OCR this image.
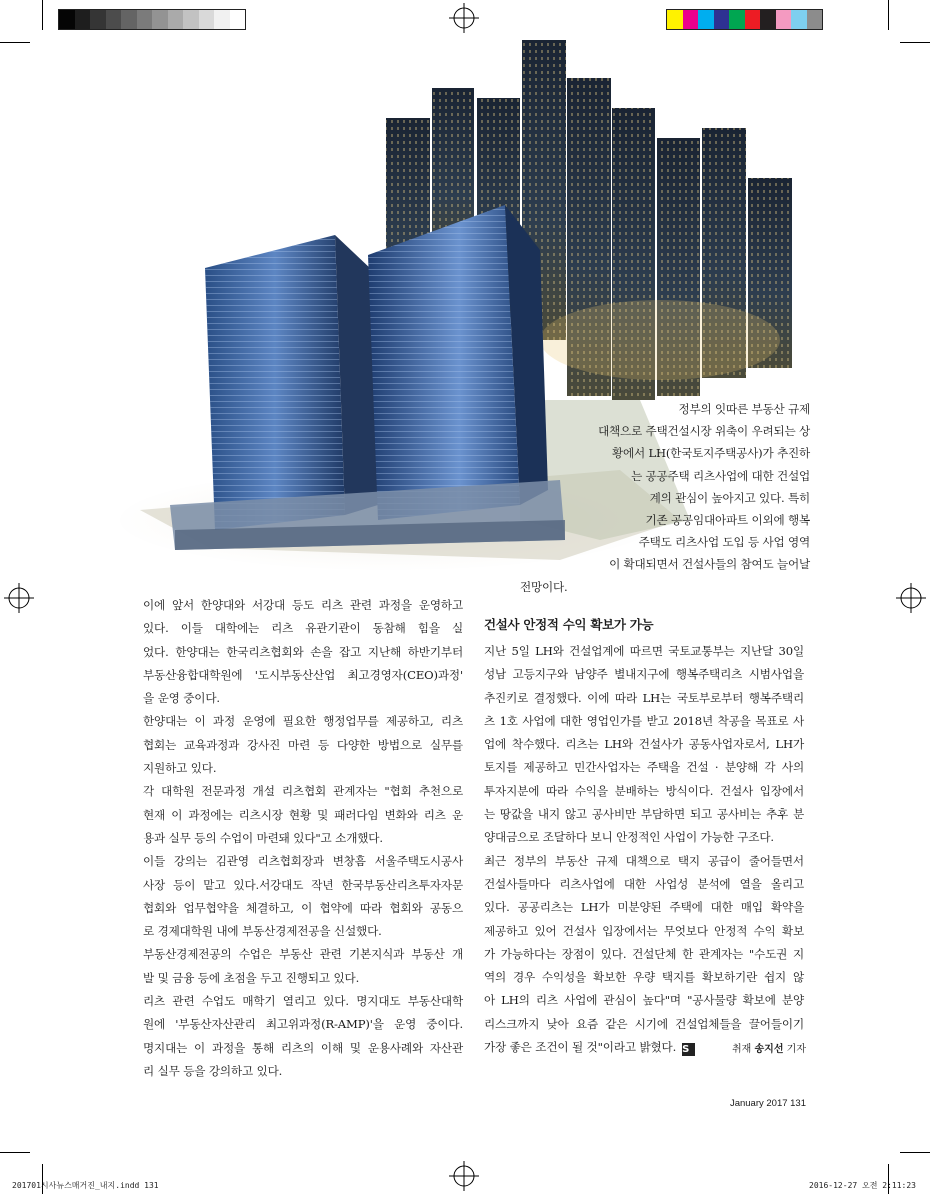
정부의 잇따른 부동산 규제
대책으로 주택건설시장 위축이 우려되는 상
황에서 LH(한국토지주택공사)가 추진하
는 공공주택 리츠사업에 대한 건설업
계의 관심이 높아지고 있다. 특히
기존 공공임대아파트 이외에 행복
주택도 리츠사업 도입 등 사업 영역
이 확대되면서 건설사들의 참여도 늘어날
전망이다.

이에 앞서 한양대와 서강대 등도 리츠 관련 과정을 운영하고
있다. 이들 대학에는 리츠 유관기관이 동참해 힘을 실
었다. 한양대는 한국리츠협회와 손을 잡고 지난해 하반기부터
부동산융합대학원에 '도시부동산산업 최고경영자(CEO)과정'
을 운영 중이다.

한양대는 이 과정 운영에 필요한 행정업무를 제공하고, 리츠
협회는 교육과정과 강사진 마련 등 다양한 방법으로 실무를
지원하고 있다.

각 대학원 전문과정 개설 리츠협회 관계자는 "협회 추천으로
현재 이 과정에는 리츠시장 현황 및 패러다임 변화와 리츠 운
용과 실무 등의 수업이 마련돼 있다"고 소개했다.

이들 강의는 김관영 리츠협회장과 변창흠 서울주택도시공사
사장 등이 맡고 있다.서강대도 작년 한국부동산리츠투자자문
협회와 업무협약을 체결하고, 이 협약에 따라 협회와 공동으
로 경제대학원 내에 부동산경제전공을 신설했다.

부동산경제전공의 수업은 부동산 관련 기본지식과 부동산 개
발 및 금융 등에 초점을 두고 진행되고 있다.

리츠 관련 수업도 매학기 열리고 있다. 명지대도 부동산대학
원에 '부동산자산관리 최고위과정(R-AMP)'을 운영 중이다.
명지대는 이 과정을 통해 리츠의 이해 및 운용사례와 자산관
리 실무 등을 강의하고 있다.

건설사 안정적 수익 확보가 가능

지난 5일 LH와 건설업계에 따르면 국토교통부는 지난달 30일
성남 고등지구와 남양주 별내지구에 행복주택리츠 시범사업을
추진키로 결정했다. 이에 따라 LH는 국토부로부터 행복주택리
츠 1호 사업에 대한 영업인가를 받고 2018년 착공을 목표로 사
업에 착수했다. 리츠는 LH와 건설사가 공동사업자로서, LH가
토지를 제공하고 민간사업자는 주택을 건설 · 분양해 각 사의
투자지분에 따라 수익을 분배하는 방식이다. 건설사 입장에서
는 땅값을 내지 않고 공사비만 부담하면 되고 공사비는 추후 분
양대금으로 조달하다 보니 안정적인 사업이 가능한 구조다.

최근 정부의 부동산 규제 대책으로 택지 공급이 줄어들면서
건설사들마다 리츠사업에 대한 사업성 분석에 열을 올리고
있다. 공공리츠는 LH가 미분양된 주택에 대한 매입 확약을
제공하고 있어 건설사 입장에서는 무엇보다 안정적 수익 확보
가 가능하다는 장점이 있다. 건설단체 한 관계자는 "수도권 지
역의 경우 수익성을 확보한 우량 택지를 확보하기란 쉽지 않
아 LH의 리츠 사업에 관심이 높다"며 "공사물량 확보에 분양
리스크까지 낮아 요즘 같은 시기에 건설업체들을 끌어들이기
가장 좋은 조건이 될 것"이라고 밝혔다. S	취재 송지선 기자
January 2017 131
201701시사뉴스매거진_내지.indd 131	2016-12-27 오전 2:11:23
